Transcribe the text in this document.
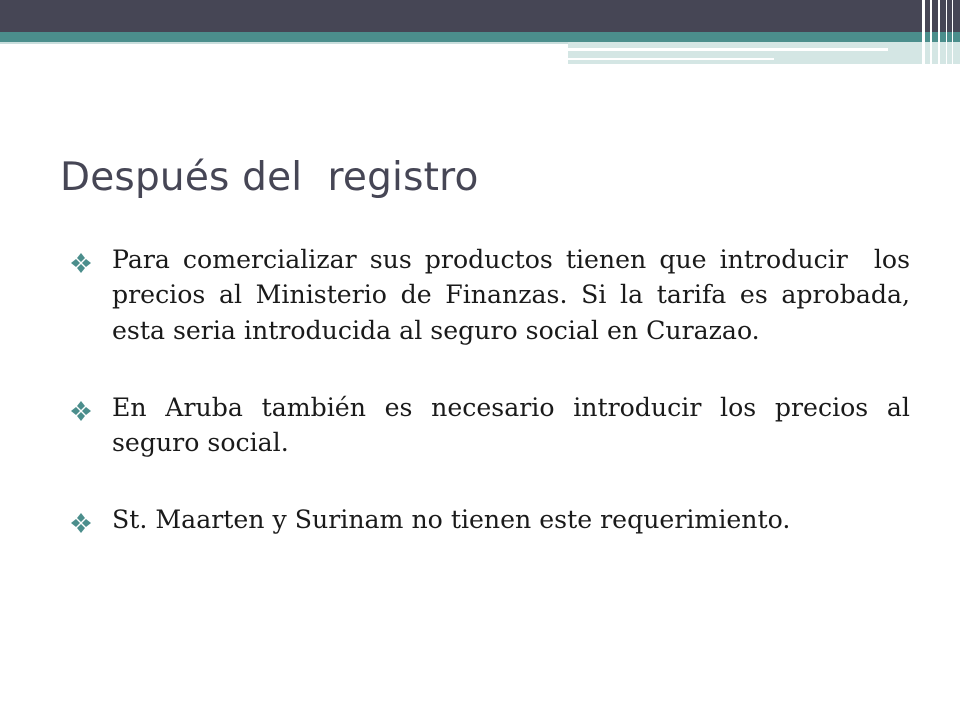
Después del  registro
Para comercializar sus productos tienen que introducir  los precios al Ministerio de Finanzas. Si la tarifa es aprobada, esta seria introducida al seguro social en Curazao.
En Aruba también es necesario introducir los precios al seguro social.
St. Maarten y Surinam no tienen este requerimiento.
